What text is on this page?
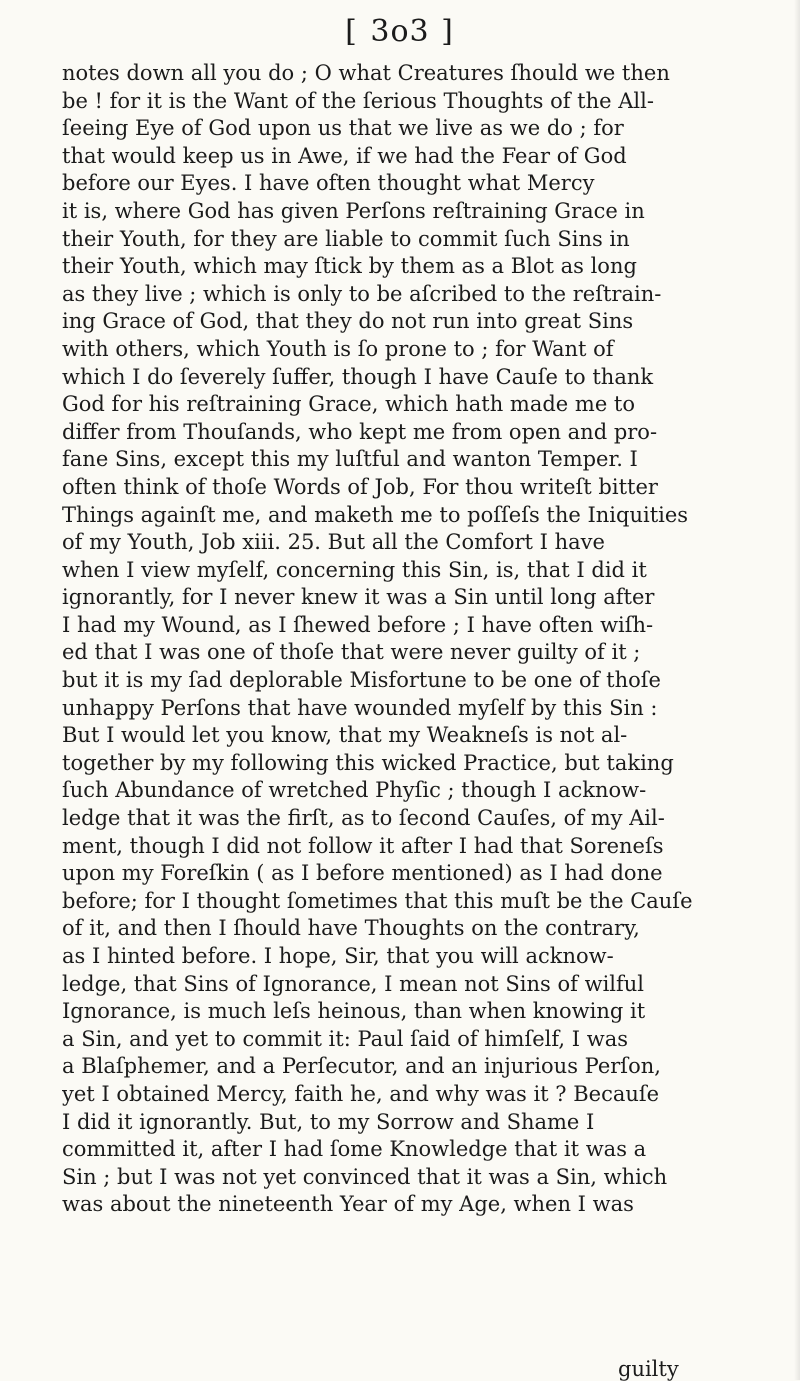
[ 3o3 ]
notes down all you do ; O what Creatures ſhould we then
be ! for it is the Want of the ſerious Thoughts of the All-
ſeeing Eye of God upon us that we live as we do ; for
that would keep us in Awe, if we had the Fear of God
before our Eyes. I have often thought what Mercy
it is, where God has given Perſons reſtraining Grace in
their Youth, for they are liable to commit ſuch Sins in
their Youth, which may ſtick by them as a Blot as long
as they live ; which is only to be aſcribed to the reſtrain-
ing Grace of God, that they do not run into great Sins
with others, which Youth is ſo prone to ; for Want of
which I do ſeverely ſuffer, though I have Cauſe to thank
God for his reſtraining Grace, which hath made me to
differ from Thouſands, who kept me from open and pro-
fane Sins, except this my luſtful and wanton Temper. I
often think of thoſe Words of Job, For thou writeſt bitter
Things againſt me, and maketh me to poſſeſs the Iniquities
of my Youth, Job xiii. 25. But all the Comfort I have
when I view myſelf, concerning this Sin, is, that I did it
ignorantly, for I never knew it was a Sin until long after
I had my Wound, as I ſhewed before ; I have often wiſh-
ed that I was one of thoſe that were never guilty of it ;
but it is my ſad deplorable Misfortune to be one of thoſe
unhappy Perſons that have wounded myſelf by this Sin :
But I would let you know, that my Weakneſs is not al-
together by my following this wicked Practice, but taking
ſuch Abundance of wretched Phyſic ; though I acknow-
ledge that it was the firſt, as to ſecond Cauſes, of my Ail-
ment, though I did not follow it after I had that Soreneſs
upon my Foreſkin ( as I before mentioned) as I had done
before; for I thought ſometimes that this muſt be the Cauſe
of it, and then I ſhould have Thoughts on the contrary,
as I hinted before. I hope, Sir, that you will acknow-
ledge, that Sins of Ignorance, I mean not Sins of wilful
Ignorance, is much leſs heinous, than when knowing it
a Sin, and yet to commit it: Paul ſaid of himſelf, I was
a Blaſphemer, and a Perſecutor, and an injurious Perſon,
yet I obtained Mercy, faith he, and why was it ? Becauſe
I did it ignorantly. But, to my Sorrow and Shame I
committed it, after I had ſome Knowledge that it was a
Sin ; but I was not yet convinced that it was a Sin, which
was about the nineteenth Year of my Age, when I was
guilty
